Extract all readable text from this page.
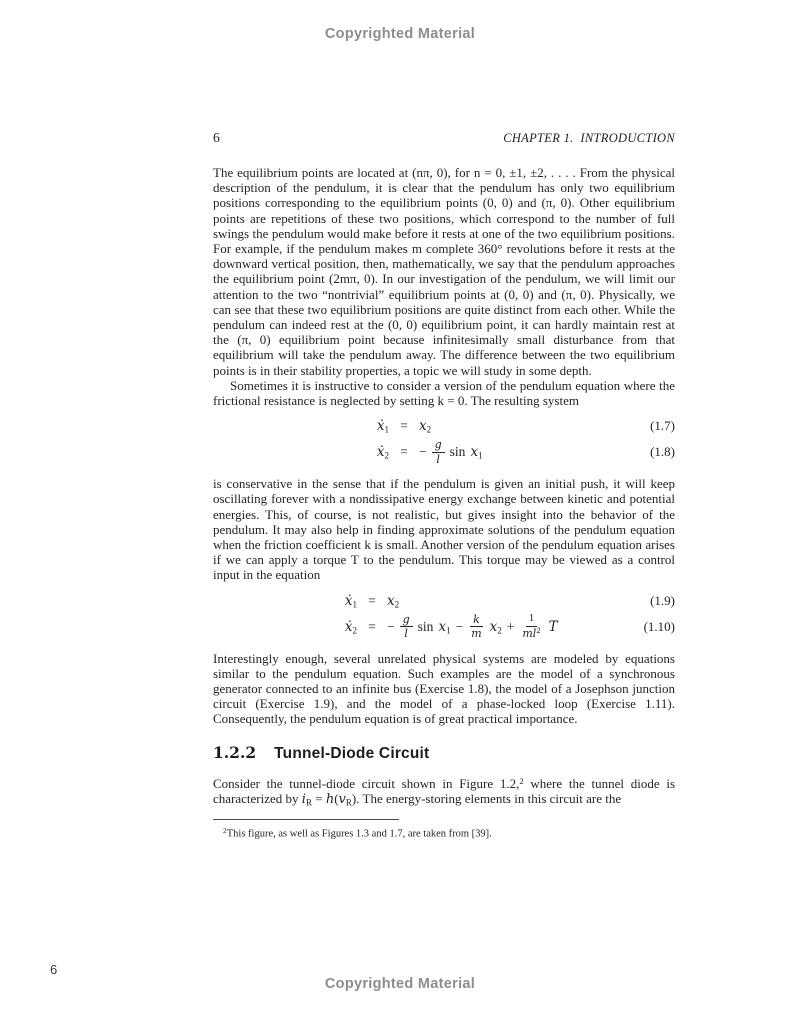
Copyrighted Material
6	CHAPTER 1.  INTRODUCTION

The equilibrium points are located at (nπ, 0), for n = 0, ±1, ±2, . . . . From the physical description of the pendulum, it is clear that the pendulum has only two equilibrium positions corresponding to the equilibrium points (0, 0) and (π, 0). Other equilibrium points are repetitions of these two positions, which correspond to the number of full swings the pendulum would make before it rests at one of the two equilibrium positions. For example, if the pendulum makes m complete 360° revolutions before it rests at the downward vertical position, then, mathematically, we say that the pendulum approaches the equilibrium point (2mπ, 0). In our investigation of the pendulum, we will limit our attention to the two “nontrivial” equilibrium points at (0, 0) and (π, 0). Physically, we can see that these two equilibrium positions are quite distinct from each other. While the pendulum can indeed rest at the (0, 0) equilibrium point, it can hardly maintain rest at the (π, 0) equilibrium point because infinitesimally small disturbance from that equilibrium will take the pendulum away. The difference between the two equilibrium points is in their stability properties, a topic we will study in some depth.

Sometimes it is instructive to consider a version of the pendulum equation where the frictional resistance is neglected by setting k = 0. The resulting system

ẋ$_1$ = $x_2$	(1.7)
ẋ$_2$ = − $\frac{g}{l}$ $\sin x_1$	(1.8)

is conservative in the sense that if the pendulum is given an initial push, it will keep oscillating forever with a nondissipative energy exchange between kinetic and potential energies. This, of course, is not realistic, but gives insight into the behavior of the pendulum. It may also help in finding approximate solutions of the pendulum equation when the friction coefficient k is small. Another version of the pendulum equation arises if we can apply a torque T to the pendulum. This torque may be viewed as a control input in the equation

ẋ$_1$ = $x_2$	(1.9)
ẋ$_2$ = − $\frac{g}{l}$ $\sin x_1 - \frac{k}{m} x_2 + \frac{1}{ml^2}$ T	(1.10)

Interestingly enough, several unrelated physical systems are modeled by equations similar to the pendulum equation. Such examples are the model of a synchronous generator connected to an infinite bus (Exercise 1.8), the model of a Josephson junction circuit (Exercise 1.9), and the model of a phase-locked loop (Exercise 1.11). Consequently, the pendulum equation is of great practical importance.

1.2.2 Tunnel-Diode Circuit

Consider the tunnel-diode circuit shown in Figure 1.2,$^2$ where the tunnel diode is characterized by $i_R = h(v_R)$. The energy-storing elements in this circuit are the

$^2$This figure, as well as Figures 1.3 and 1.7, are taken from [39].

6
Copyrighted Material
